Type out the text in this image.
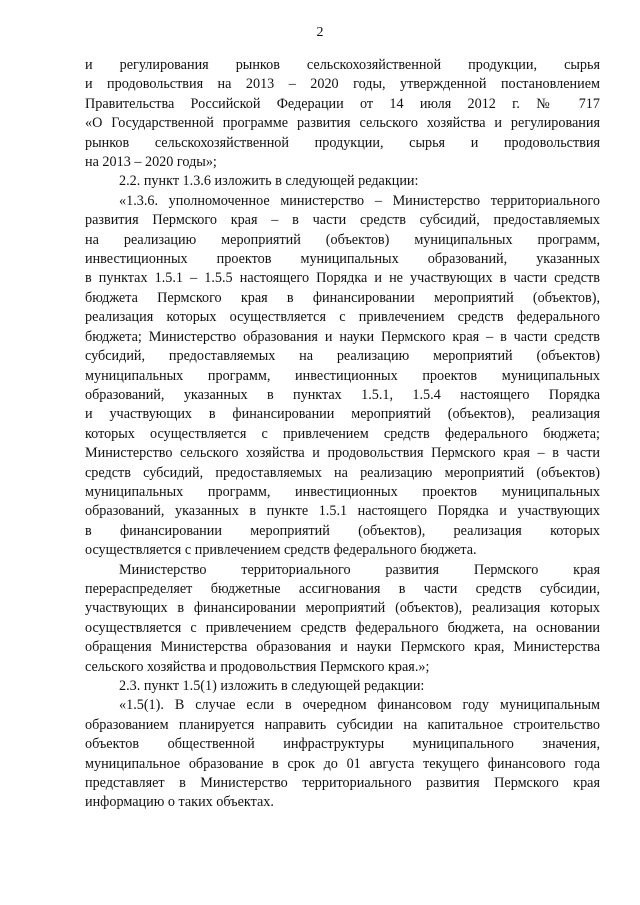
2
и регулирования рынков сельскохозяйственной продукции, сырья
и продовольствия на 2013 – 2020 годы, утвержденной постановлением
Правительства Российской Федерации от 14 июля 2012 г. № 717
«О Государственной программе развития сельского хозяйства и регулирования
рынков сельскохозяйственной продукции, сырья и продовольствия
на 2013 – 2020 годы»;
2.2. пункт 1.3.6 изложить в следующей редакции:
«1.3.6. уполномоченное министерство – Министерство территориального
развития Пермского края – в части средств субсидий, предоставляемых
на реализацию мероприятий (объектов) муниципальных программ,
инвестиционных проектов муниципальных образований, указанных
в пунктах 1.5.1 – 1.5.5 настоящего Порядка и не участвующих в части средств
бюджета Пермского края в финансировании мероприятий (объектов),
реализация которых осуществляется с привлечением средств федерального
бюджета; Министерство образования и науки Пермского края – в части средств
субсидий, предоставляемых на реализацию мероприятий (объектов)
муниципальных программ, инвестиционных проектов муниципальных
образований, указанных в пунктах 1.5.1, 1.5.4 настоящего Порядка
и участвующих в финансировании мероприятий (объектов), реализация
которых осуществляется с привлечением средств федерального бюджета;
Министерство сельского хозяйства и продовольствия Пермского края – в части
средств субсидий, предоставляемых на реализацию мероприятий (объектов)
муниципальных программ, инвестиционных проектов муниципальных
образований, указанных в пункте 1.5.1 настоящего Порядка и участвующих
в финансировании мероприятий (объектов), реализация которых
осуществляется с привлечением средств федерального бюджета.
Министерство территориального развития Пермского края
перераспределяет бюджетные ассигнования в части средств субсидии,
участвующих в финансировании мероприятий (объектов), реализация которых
осуществляется с привлечением средств федерального бюджета, на основании
обращения Министерства образования и науки Пермского края, Министерства
сельского хозяйства и продовольствия Пермского края.»;
2.3. пункт 1.5(1) изложить в следующей редакции:
«1.5(1). В случае если в очередном финансовом году муниципальным
образованием планируется направить субсидии на капитальное строительство
объектов общественной инфраструктуры муниципального значения,
муниципальное образование в срок до 01 августа текущего финансового года
представляет в Министерство территориального развития Пермского края
информацию о таких объектах.
